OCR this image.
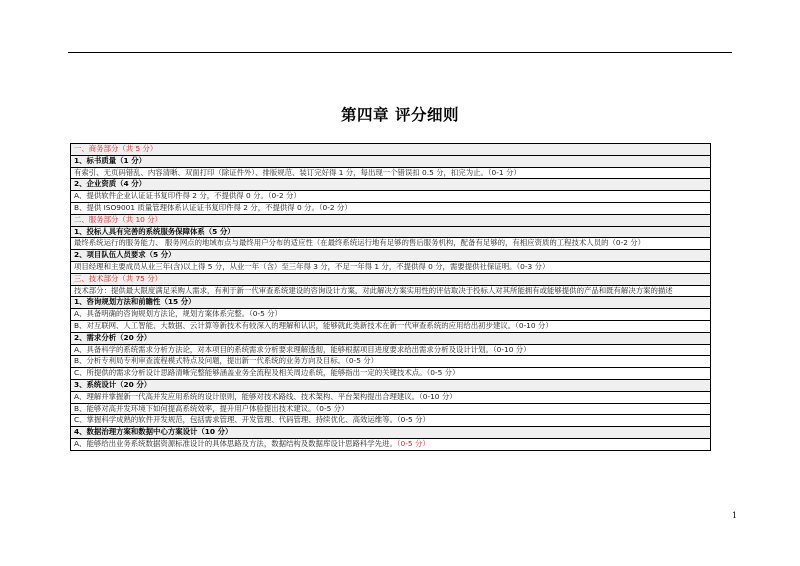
第四章 评分细则
一、商务部分（共 5 分）
1、标书质量（1 分）
有索引、无页码错乱、内容清晰、双面打印（除证件外）、排版规范、装订完好得 1 分，每出现一个错误扣 0.5 分，扣完为止。（0-1 分）
2、企业资质（4 分）
A、提供软件企业认证证书复印件得 2 分，不提供得 0 分。（0-2 分）
B、提供 ISO9001 质量管理体系认证证书复印件得 2 分，不提供得 0 分。（0-2 分）
二、服务部分（共 10 分）
1、投标人具有完善的系统服务保障体系（5 分）
最终系统运行的服务能力、 服务网点的地域布点与最终用户分布的适应性（在最终系统运行地有足够的售后服务机构，配备有足够的，有相应资质的工程技术人员的（0-2 分）
2、项目队伍人员要求（5 分）
项目经理和主要成员从业三年(含)以上得 5 分，从业一年（含）至三年得 3 分，不足一年得 1 分，不提供得 0 分，需要提供社保证明。（0-3 分）
三、技术部分（共 75 分）
技术部分：提供最大限度满足采购人需求，有利于新一代审查系统建设的咨询设计方案，对此解决方案实用性的评估取决于投标人对其所能拥有或能够提供的产品和既有解决方案的描述
1、咨询规划方法和前瞻性（15 分）
A、具备明确的咨询规划方法论，规划方案体系完整。（0-5 分）
B、对互联网、人工智能、大数据、云计算等新技术有较深入的理解和认识，能够就此类新技术在新一代审查系统的应用给出初步建议。（0-10 分）
2、需求分析（20 分）
A、具备科学的系统需求分析方法论，对本项目的系统需求分析要求理解透彻，能够根据项目进度要求给出需求分析及设计计划。（0-10 分）
B、分析专利局专利审查流程模式特点及问题，提出新一代系统的业务方向及目标。（0-5 分）
C、所提供的需求分析设计思路清晰完整能够涵盖业务全流程及相关周边系统，能够指出一定的关键技术点。（0-5 分）
3、系统设计（20 分）
A、理解并掌握新一代高并发应用系统的设计原则，能够对技术路线、技术架构、平台架构提出合理建议。（0-10 分）
B、能够对高并发环境下如何提高系统效率，提升用户体验提出技术建议。（0-5 分）
C、掌握科学成熟的软件开发规范，包括需求管理、开发管理、代码管理、持续优化、高效运维等。（0-5 分）
4、数据治理方案和数据中心方案设计（10 分）
A、能够给出业务系统数据资源标准设计的具体思路及方法，数据结构及数据库设计思路科学先进。（0-5 分）
1
